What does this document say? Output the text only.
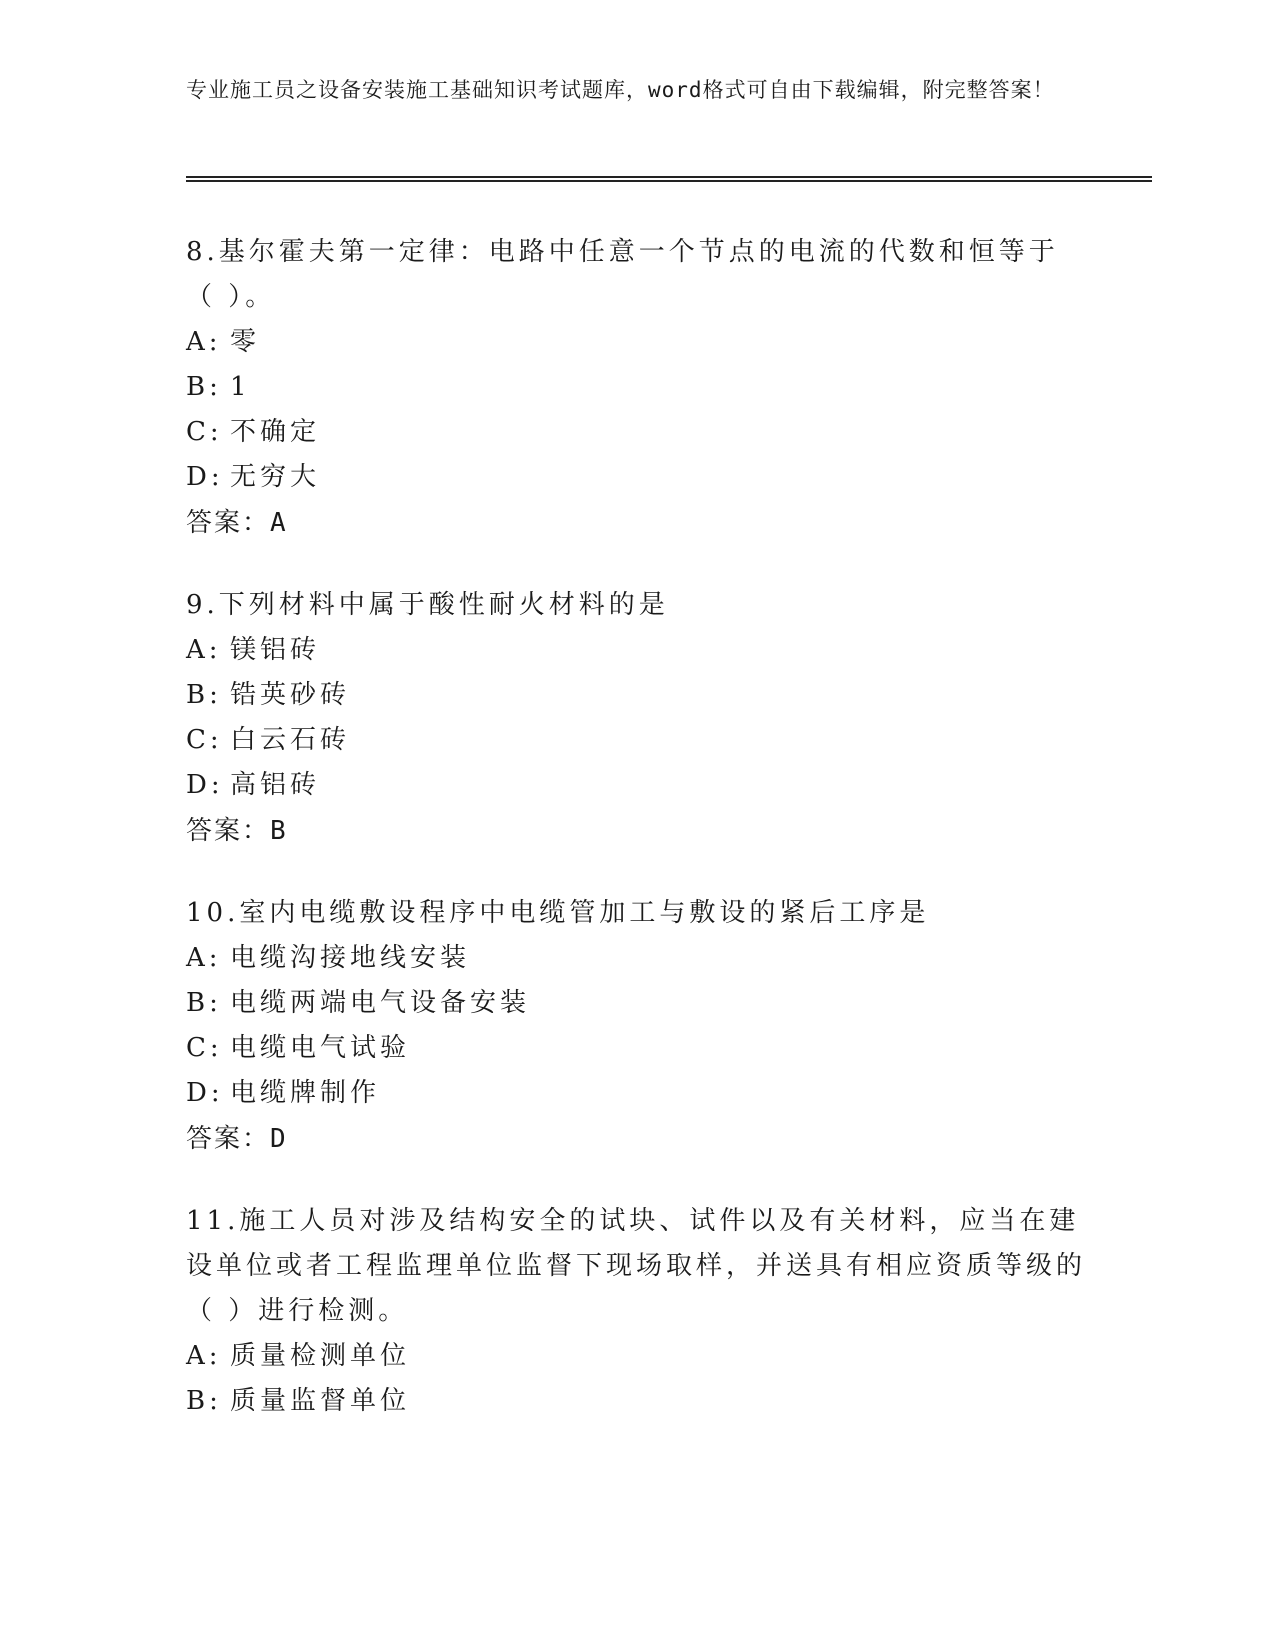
专业施工员之设备安装施工基础知识考试题库，word格式可自由下载编辑，附完整答案！
8.基尔霍夫第一定律：电路中任意一个节点的电流的代数和恒等于（ ）。
A: 零
B: 1
C: 不确定
D: 无穷大
答案：A
9.下列材料中属于酸性耐火材料的是
A: 镁铝砖
B: 锆英砂砖
C: 白云石砖
D: 高铝砖
答案：B
10.室内电缆敷设程序中电缆管加工与敷设的紧后工序是
A: 电缆沟接地线安装
B: 电缆两端电气设备安装
C: 电缆电气试验
D: 电缆牌制作
答案：D
11.施工人员对涉及结构安全的试块、试件以及有关材料，应当在建设单位或者工程监理单位监督下现场取样，并送具有相应资质等级的（ ）进行检测。
A: 质量检测单位
B: 质量监督单位
